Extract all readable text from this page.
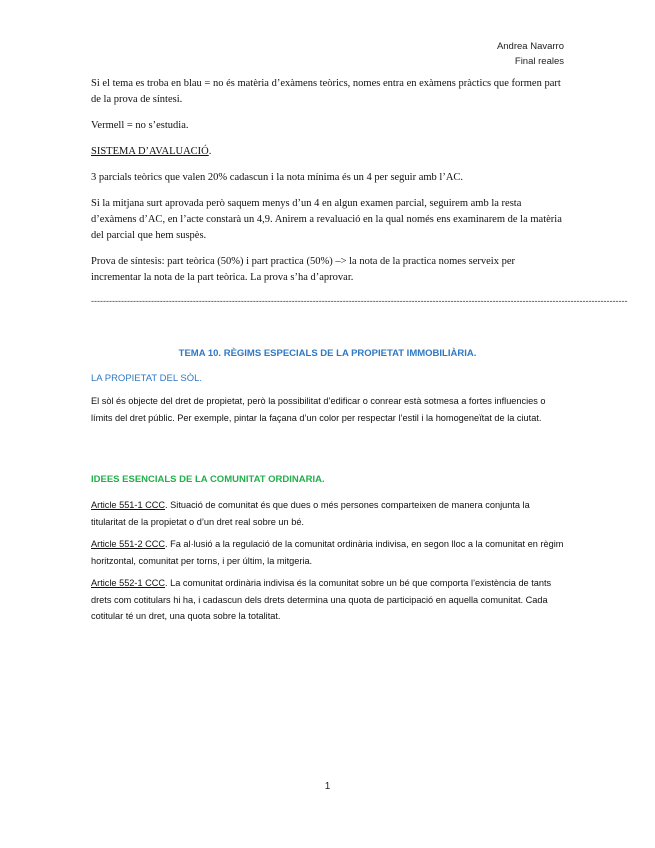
Andrea Navarro
Final reales
Si el tema es troba en blau = no és matèria d’exàmens teòrics, nomes entra en exàmens pràctics que formen part de la prova de síntesi.
Vermell = no s’estudia.
SISTEMA D’AVALUACIÓ.
3 parcials teòrics que valen 20% cadascun i la nota mínima és un 4 per seguir amb l’AC.
Si la mitjana surt aprovada però saquem menys d’un 4 en algun examen parcial, seguirem amb la resta d’exàmens d’AC, en l’acte constarà un 4,9. Anirem a revaluació en la qual només ens examinarem de la matèria del parcial que hem suspès.
Prova de síntesis: part teòrica (50%) i part practica (50%) –> la nota de la practica nomes serveix per incrementar la nota de la part teòrica. La prova s’ha d’aprovar.
-----------------------------------------------------------------------------------------------------------------------------------------------------------------------------------
TEMA 10. RÈGIMS ESPECIALS DE LA PROPIETAT IMMOBILIÀRIA.
LA PROPIETAT DEL SÒL.
El sòl és objecte del dret de propietat, però la possibilitat d’edificar o conrear està sotmesa a fortes influencies o límits del dret públic. Per exemple, pintar la façana d’un color per respectar l’estil i la homogeneïtat de la ciutat.
IDEES ESENCIALS DE LA COMUNITAT ORDINARIA.
Article 551-1 CCC. Situació de comunitat és que dues o més persones comparteixen de manera conjunta la titularitat de la propietat o d’un dret real sobre un bé.
Article 551-2 CCC. Fa al·lusió a la regulació de la comunitat ordinària indivisa, en segon lloc a la comunitat en règim horitzontal, comunitat per torns, i per últim, la mitgeria.
Article 552-1 CCC. La comunitat ordinària indivisa és la comunitat sobre un bé que comporta l’existència de tants drets com cotitulars hi ha, i cadascun dels drets determina una quota de participació en aquella comunitat. Cada cotitular té un dret, una quota sobre la totalitat.
1
